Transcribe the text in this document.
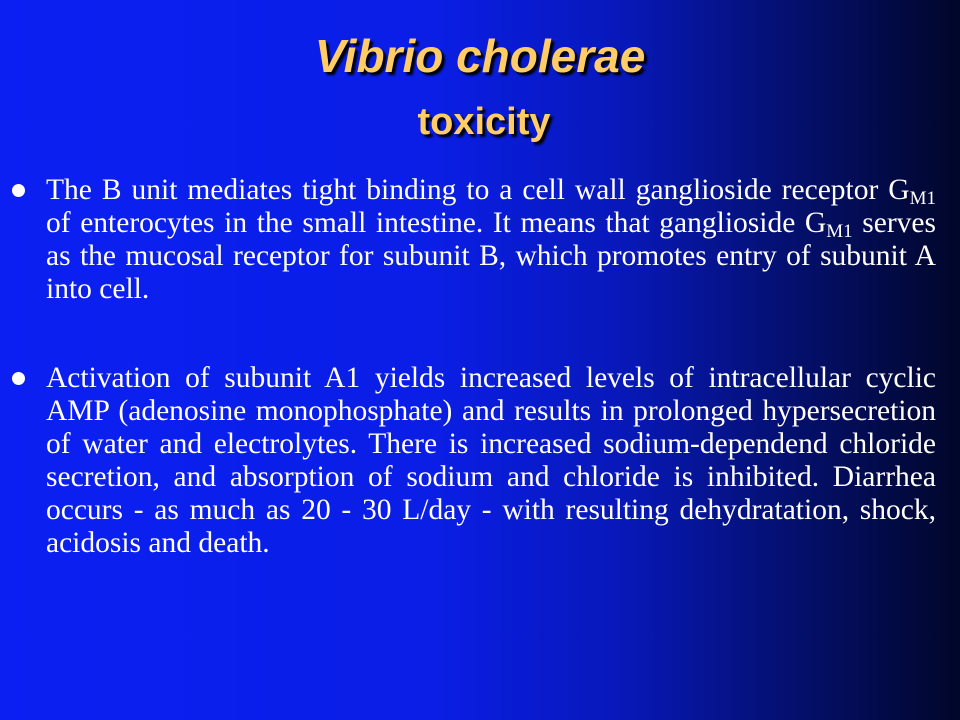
Vibrio cholerae
toxicity
The B unit mediates tight binding to a cell wall ganglioside receptor $G_{M1}$ of enterocytes in the small intestine. It means that ganglioside $G_{M1}$ serves as the mucosal receptor for subunit B, which promotes entry of subunit A into cell.
Activation of subunit A1 yields increased levels of intracellular cyclic AMP (adenosine monophosphate) and results in prolonged hypersecretion of water and electrolytes. There is increased sodium-dependend chloride secretion, and absorption of sodium and chloride is inhibited. Diarrhea occurs - as much as 20 - 30 L/day - with resulting dehydratation, shock, acidosis and death.
